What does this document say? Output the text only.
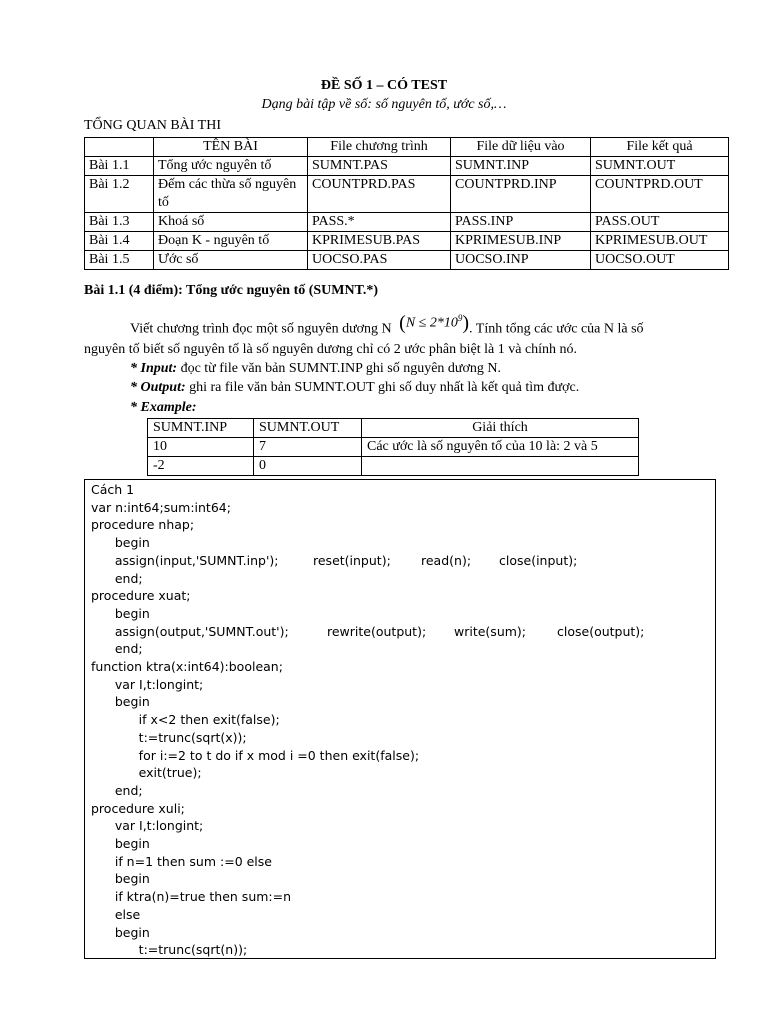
ĐỀ SỐ 1 – CÓ TEST
Dạng bài tập về số: số nguyên tố, ước số,…
TỔNG QUAN BÀI THI
	TÊN BÀI	File chương trình	File dữ liệu vào	File kết quả
Bài 1.1	Tổng ước nguyên tố	SUMNT.PAS	SUMNT.INP	SUMNT.OUT
Bài 1.2	Đếm các thừa số nguyên tố	COUNTPRD.PAS	COUNTPRD.INP	COUNTPRD.OUT
Bài 1.3	Khoá số	PASS.*	PASS.INP	PASS.OUT
Bài 1.4	Đoạn K - nguyên tố	KPRIMESUB.PAS	KPRIMESUB.INP	KPRIMESUB.OUT
Bài 1.5	Ước số	UOCSO.PAS	UOCSO.INP	UOCSO.OUT
Bài 1.1 (4 điểm): Tổng ước nguyên tố (SUMNT.*)
Viết chương trình đọc một số nguyên dương N $(N \le 2*10^9)$. Tính tổng các ước của N là số
nguyên tố biết số nguyên tố là số nguyên dương chỉ có 2 ước phân biệt là 1 và chính nó.
* Input: đọc từ file văn bản SUMNT.INP ghi số nguyên dương N.
* Output: ghi ra file văn bản SUMNT.OUT ghi số duy nhất là kết quả tìm được.
* Example:
SUMNT.INP	SUMNT.OUT	Giải thích
10	7	Các ước là số nguyên tố của 10 là: 2 và 5
-2	0	
Cách 1
var n:int64;sum:int64;
procedure nhap;
begin
assign(input,'SUMNT.inp');	reset(input); read(n); close(input);
end;
procedure xuat;
begin
assign(output,'SUMNT.out');	rewrite(output); write(sum); close(output);
end;
function ktra(x:int64):boolean;
var I,t:longint;
begin
if x<2 then exit(false);
t:=trunc(sqrt(x));
for i:=2 to t do if x mod i =0 then exit(false);
exit(true);
end;
procedure xuli;
var I,t:longint;
begin
if n=1 then sum :=0 else
begin
if ktra(n)=true then sum:=n
else
begin
t:=trunc(sqrt(n));
